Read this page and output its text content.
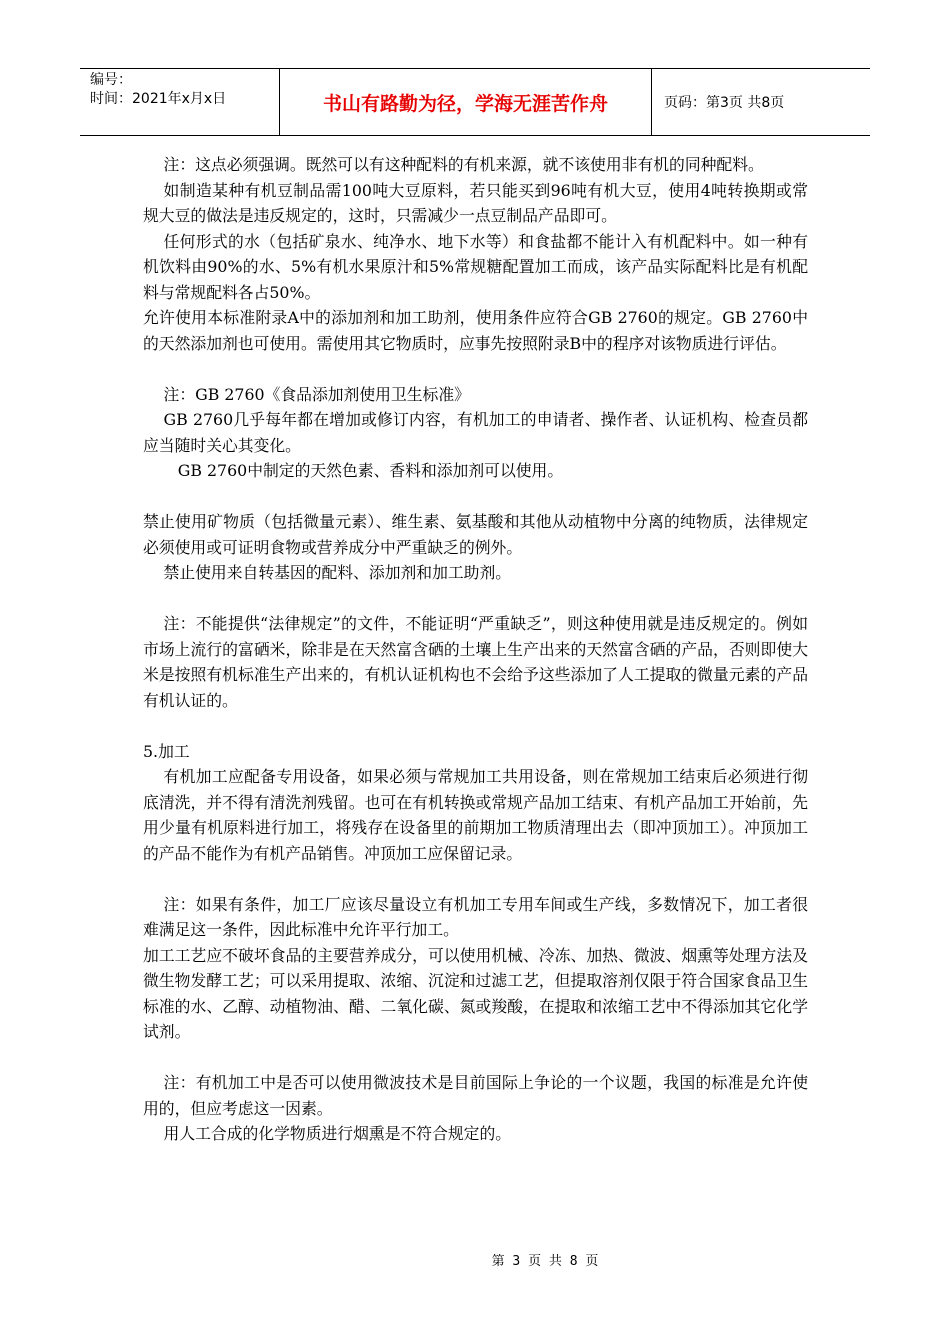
编号：
时间：2021年x月x日	书山有路勤为径，学海无涯苦作舟	页码：第3页 共8页

注：这点必须强调。既然可以有这种配料的有机来源，就不该使用非有机的同种配料。

如制造某种有机豆制品需100吨大豆原料，若只能买到96吨有机大豆，使用4吨转换期或常规大豆的做法是违反规定的，这时，只需减少一点豆制品产品即可。

任何形式的水（包括矿泉水、纯净水、地下水等）和食盐都不能计入有机配料中。如一种有机饮料由90%的水、5%有机水果原汁和5%常规糖配置加工而成，该产品实际配料比是有机配料与常规配料各占50%。

允许使用本标准附录A中的添加剂和加工助剂，使用条件应符合GB 2760的规定。GB 2760中的天然添加剂也可使用。需使用其它物质时，应事先按照附录B中的程序对该物质进行评估。

注：GB 2760《食品添加剂使用卫生标准》

GB 2760几乎每年都在增加或修订内容，有机加工的申请者、操作者、认证机构、检查员都应当随时关心其变化。

GB 2760中制定的天然色素、香料和添加剂可以使用。

禁止使用矿物质（包括微量元素）、维生素、氨基酸和其他从动植物中分离的纯物质，法律规定必须使用或可证明食物或营养成分中严重缺乏的例外。

禁止使用来自转基因的配料、添加剂和加工助剂。

注：不能提供“法律规定”的文件，不能证明“严重缺乏”，则这种使用就是违反规定的。例如市场上流行的富硒米，除非是在天然富含硒的土壤上生产出来的天然富含硒的产品，否则即使大米是按照有机标准生产出来的，有机认证机构也不会给予这些添加了人工提取的微量元素的产品有机认证的。

5.加工

有机加工应配备专用设备，如果必须与常规加工共用设备，则在常规加工结束后必须进行彻底清洗，并不得有清洗剂残留。也可在有机转换或常规产品加工结束、有机产品加工开始前，先用少量有机原料进行加工，将残存在设备里的前期加工物质清理出去（即冲顶加工）。冲顶加工的产品不能作为有机产品销售。冲顶加工应保留记录。

注：如果有条件，加工厂应该尽量设立有机加工专用车间或生产线，多数情况下，加工者很难满足这一条件，因此标准中允许平行加工。

加工工艺应不破坏食品的主要营养成分，可以使用机械、冷冻、加热、微波、烟熏等处理方法及微生物发酵工艺；可以采用提取、浓缩、沉淀和过滤工艺，但提取溶剂仅限于符合国家食品卫生标准的水、乙醇、动植物油、醋、二氧化碳、氮或羧酸，在提取和浓缩工艺中不得添加其它化学试剂。

注：有机加工中是否可以使用微波技术是目前国际上争论的一个议题，我国的标准是允许使用的，但应考虑这一因素。

用人工合成的化学物质进行烟熏是不符合规定的。

第 3 页 共 8 页
